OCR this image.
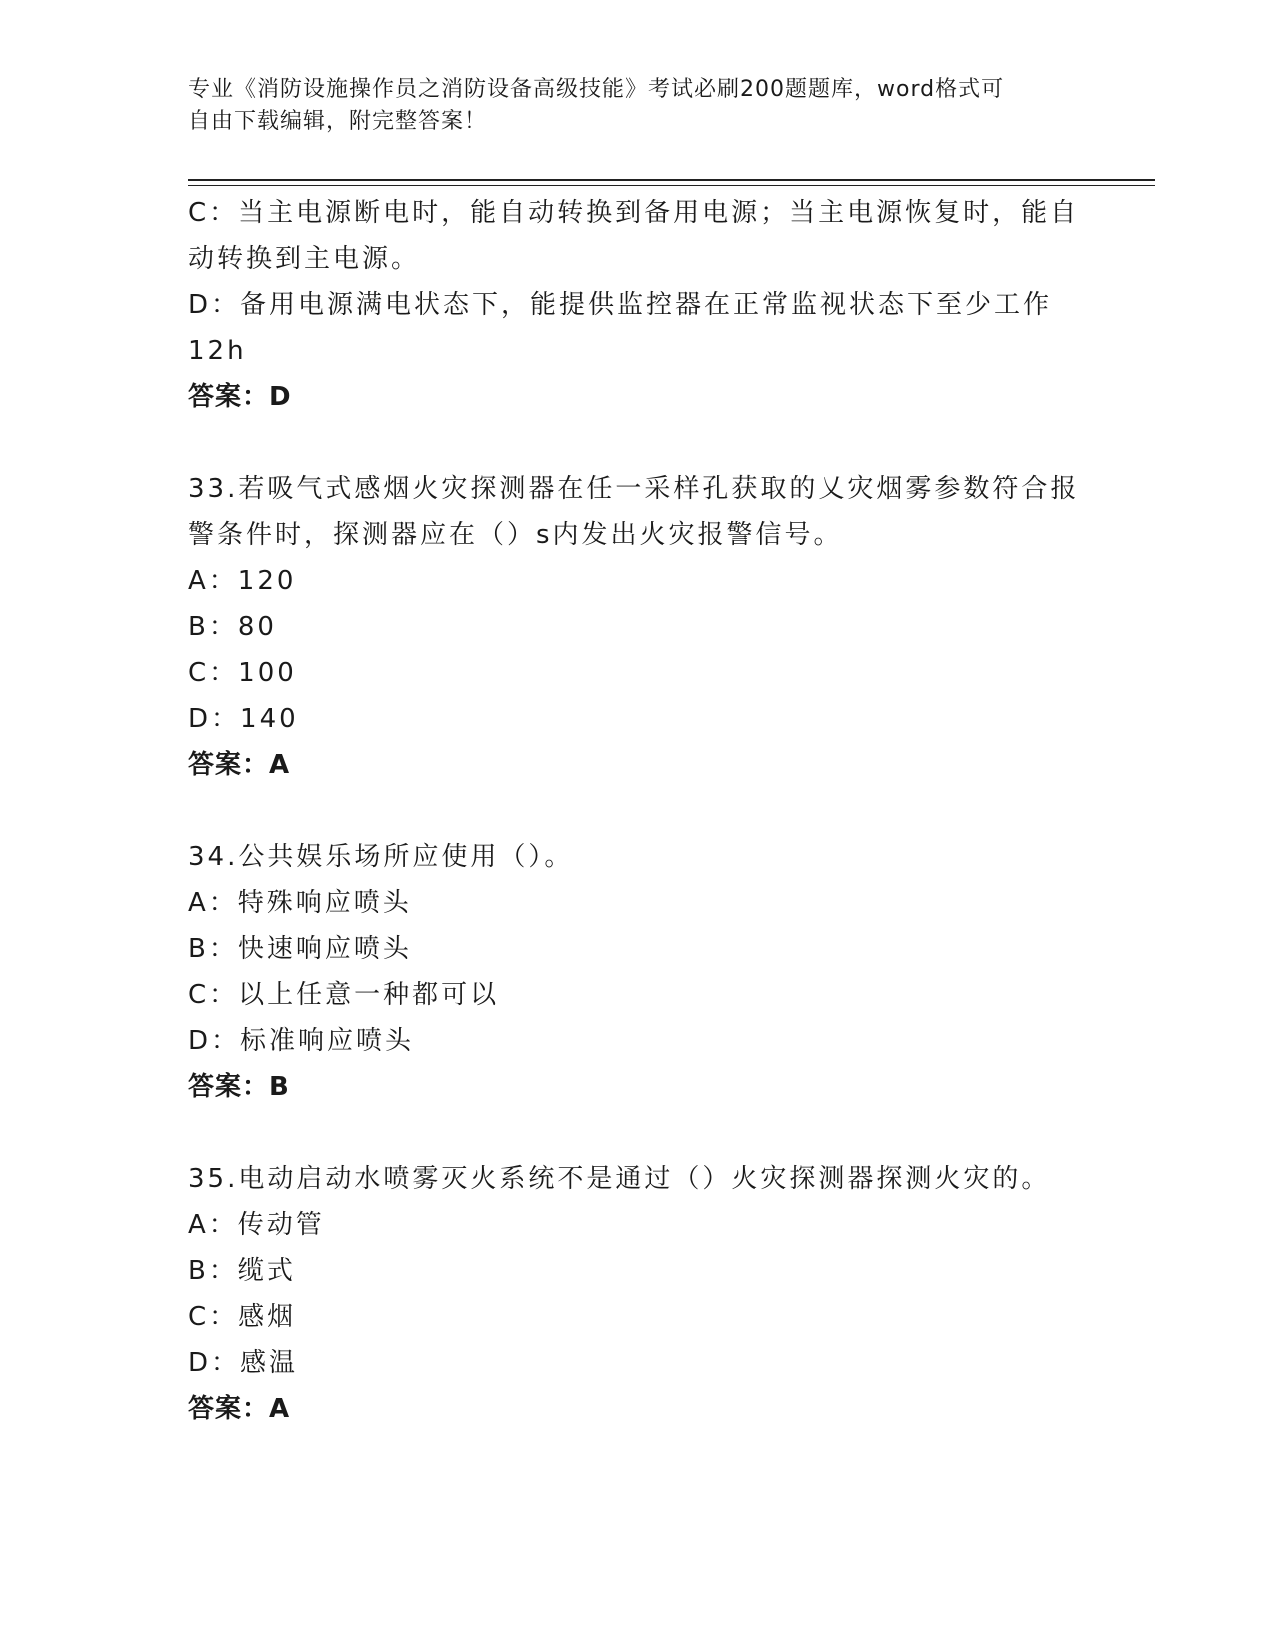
专业《消防设施操作员之消防设备高级技能》考试必刷200题题库，word格式可
自由下载编辑，附完整答案！
C：当主电源断电时，能自动转换到备用电源；当主电源恢复时，能自
动转换到主电源。
D：备用电源满电状态下，能提供监控器在正常监视状态下至少工作
12h
答案：D
33.若吸气式感烟火灾探测器在任一采样孔获取的乂灾烟雾参数符合报
警条件时，探测器应在（）s内发出火灾报警信号。
A：120
B：80
C：100
D：140
答案：A
34.公共娱乐场所应使用（）。
A：特殊响应喷头
B：快速响应喷头
C：以上任意一种都可以
D：标准响应喷头
答案：B
35.电动启动水喷雾灭火系统不是通过（）火灾探测器探测火灾的。
A：传动管
B：缆式
C：感烟
D：感温
答案：A
